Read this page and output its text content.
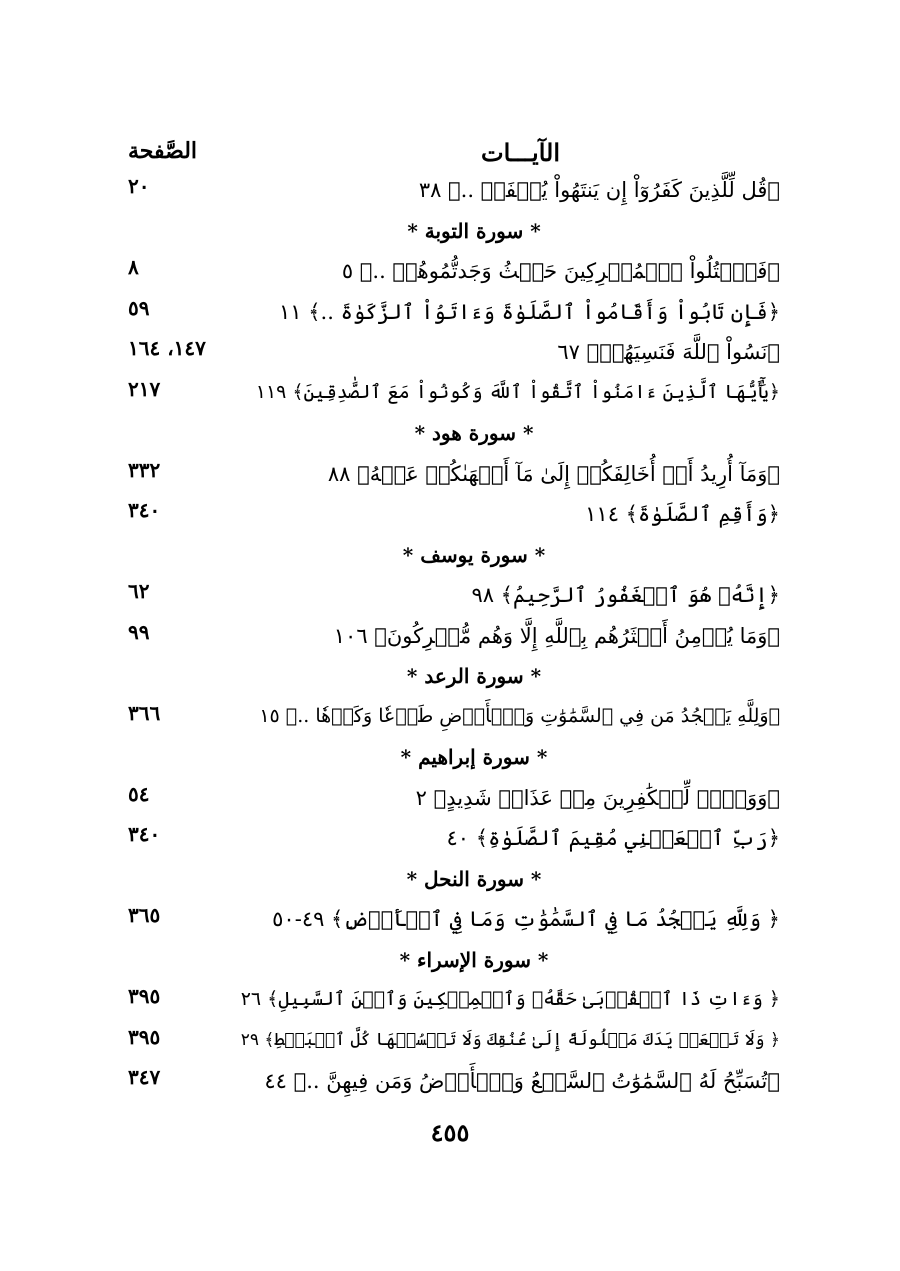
الآيـــات
الصَّفحة
﴿قُل لِّلَّذِينَ كَفَرُوٓاْ إِن يَنتَهُواْ يُغۡفَرۡ ..﴾ ٣٨
٢٠
* سورة التوبة *
﴿فَٱقۡتُلُواْ ٱلۡمُشۡرِكِينَ حَيۡثُ وَجَدتُّمُوهُمۡ ..﴾ ٥
٨
﴿فَإِن تَابُواْ وَأَقَامُواْ ٱلصَّلَوٰةَ وَءَاتَوُاْ ٱلزَّكَوٰةَ ..﴾ ١١
٥٩
﴿نَسُواْ ٱللَّهَ فَنَسِيَهُمۡ﴾ ٦٧
١٤٧، ١٦٤
﴿يَٰٓأَيُّهَا ٱلَّذِينَ ءَامَنُواْ ٱتَّقُواْ ٱللَّهَ وَكُونُواْ مَعَ ٱلصَّٰدِقِينَ﴾ ١١٩
٢١٧
* سورة هود *
﴿وَمَآ أُرِيدُ أَنۡ أُخَالِفَكُمۡ إِلَىٰ مَآ أَنۡهَىٰكُمۡ عَنۡهُ﴾ ٨٨
٣٣٢
﴿وَأَقِمِ ٱلصَّلَوٰةَ﴾ ١١٤
٣٤٠
* سورة يوسف *
﴿إِنَّهُۥ هُوَ ٱلۡغَفُورُ ٱلرَّحِيمُ﴾ ٩٨
٦٢
﴿وَمَا يُؤۡمِنُ أَكۡثَرُهُم بِٱللَّهِ إِلَّا وَهُم مُّشۡرِكُونَ﴾ ١٠٦
٩٩
* سورة الرعد *
﴿وَلِلَّهِ يَسۡجُدُ مَن فِي ٱلسَّمَٰوَٰتِ وَٱلۡأَرۡضِ طَوۡعٗا وَكَرۡهٗا ..﴾ ١٥
٣٦٦
* سورة إبراهيم *
﴿وَوَيۡلٞ لِّلۡكَٰفِرِينَ مِنۡ عَذَابٖ شَدِيدٍ﴾ ٢
٥٤
﴿رَبِّ ٱجۡعَلۡنِي مُقِيمَ ٱلصَّلَوٰةِ﴾ ٤٠
٣٤٠
* سورة النحل *
﴿ وَلِلَّهِ يَسۡجُدُ مَا فِي ٱلسَّمَٰوَٰتِ وَمَا فِي ٱلۡأَرۡضِ﴾ ٤٩-٥٠
٣٦٥
* سورة الإسراء *
﴿ وَءَاتِ ذَا ٱلۡقُرۡبَىٰ حَقَّهُۥ وَٱلۡمِسۡكِينَ وَٱبۡنَ ٱلسَّبِيلِ﴾ ٢٦
٣٩٥
﴿ وَلَا تَجۡعَلۡ يَدَكَ مَغۡلُولَةً إِلَىٰ عُنُقِكَ وَلَا تَبۡسُطۡهَا كُلَّ ٱلۡبَسۡطِ﴾ ٢٩
٣٩٥
﴿تُسَبِّحُ لَهُ ٱلسَّمَٰوَٰتُ ٱلسَّبۡعُ وَٱلۡأَرۡضُ وَمَن فِيهِنَّ ..﴾ ٤٤
٣٤٧
٤٥٥
